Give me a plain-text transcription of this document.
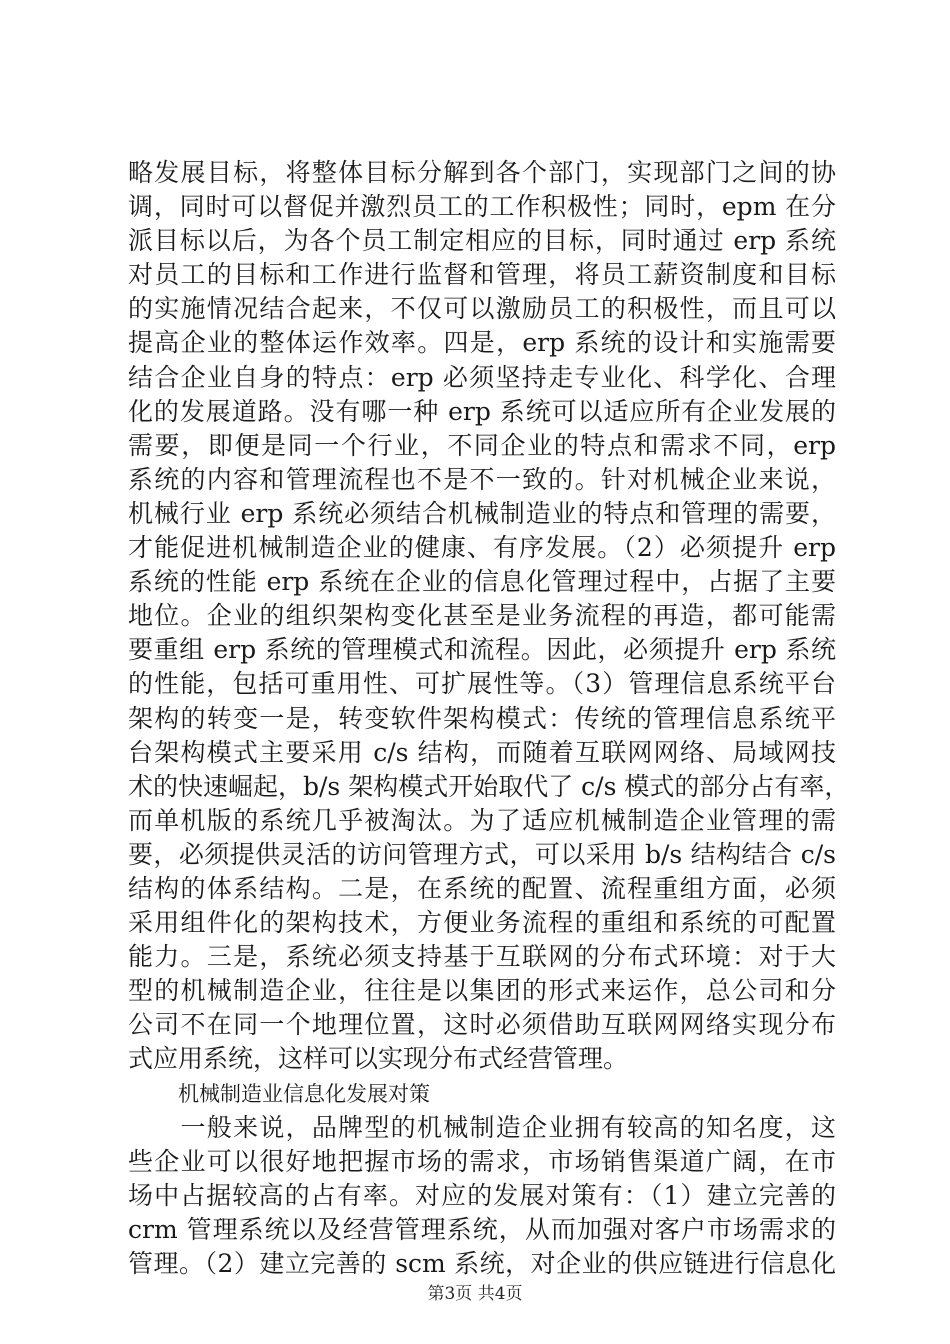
略发展目标，将整体目标分解到各个部门，实现部门之间的协
调，同时可以督促并激烈员工的工作积极性；同时，epm 在分
派目标以后，为各个员工制定相应的目标，同时通过 erp 系统
对员工的目标和工作进行监督和管理，将员工薪资制度和目标
的实施情况结合起来，不仅可以激励员工的积极性，而且可以
提高企业的整体运作效率。四是，erp 系统的设计和实施需要
结合企业自身的特点：erp 必须坚持走专业化、科学化、合理
化的发展道路。没有哪一种 erp 系统可以适应所有企业发展的
需要，即便是同一个行业，不同企业的特点和需求不同，erp
系统的内容和管理流程也不是不一致的。针对机械企业来说，
机械行业 erp 系统必须结合机械制造业的特点和管理的需要，
才能促进机械制造企业的健康、有序发展。（2）必须提升 erp
系统的性能 erp 系统在企业的信息化管理过程中，占据了主要
地位。企业的组织架构变化甚至是业务流程的再造，都可能需
要重组 erp 系统的管理模式和流程。因此，必须提升 erp 系统
的性能，包括可重用性、可扩展性等。（3）管理信息系统平台
架构的转变一是，转变软件架构模式：传统的管理信息系统平
台架构模式主要采用 c/s 结构，而随着互联网网络、局域网技
术的快速崛起，b/s 架构模式开始取代了 c/s 模式的部分占有率，
而单机版的系统几乎被淘汰。为了适应机械制造企业管理的需
要，必须提供灵活的访问管理方式，可以采用 b/s 结构结合 c/s
结构的体系结构。二是，在系统的配置、流程重组方面，必须
采用组件化的架构技术，方便业务流程的重组和系统的可配置
能力。三是，系统必须支持基于互联网的分布式环境：对于大
型的机械制造企业，往往是以集团的形式来运作，总公司和分
公司不在同一个地理位置，这时必须借助互联网网络实现分布
式应用系统，这样可以实现分布式经营管理。
机械制造业信息化发展对策
　　一般来说，品牌型的机械制造企业拥有较高的知名度，这
些企业可以很好地把握市场的需求，市场销售渠道广阔，在市
场中占据较高的占有率。对应的发展对策有：（1）建立完善的
crm 管理系统以及经营管理系统，从而加强对客户市场需求的
管理。（2）建立完善的 scm 系统，对企业的供应链进行信息化
第3页 共4页
